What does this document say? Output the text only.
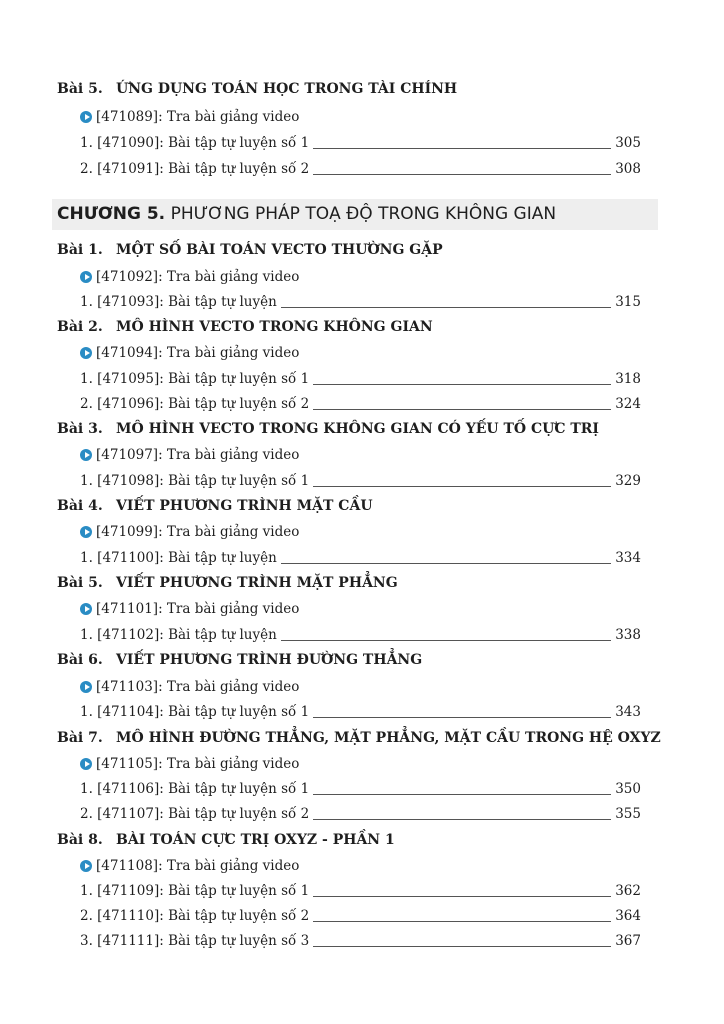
Bài 5. ỨNG DỤNG TOÁN HỌC TRONG TÀI CHÍNH
[471089]: Tra bài giảng video
1. [471090]: Bài tập tự luyện số 1	305
2. [471091]: Bài tập tự luyện số 2	308
CHƯƠNG 5. PHƯƠNG PHÁP TOẠ ĐỘ TRONG KHÔNG GIAN
Bài 1. MỘT SỐ BÀI TOÁN VECTO THƯỜNG GẶP
[471092]: Tra bài giảng video
1. [471093]: Bài tập tự luyện	315
Bài 2. MÔ HÌNH VECTO TRONG KHÔNG GIAN
[471094]: Tra bài giảng video
1. [471095]: Bài tập tự luyện số 1	318
2. [471096]: Bài tập tự luyện số 2	324
Bài 3. MÔ HÌNH VECTO TRONG KHÔNG GIAN CÓ YẾU TỐ CỰC TRỊ
[471097]: Tra bài giảng video
1. [471098]: Bài tập tự luyện số 1	329
Bài 4. VIẾT PHƯƠNG TRÌNH MẶT CẦU
[471099]: Tra bài giảng video
1. [471100]: Bài tập tự luyện	334
Bài 5. VIẾT PHƯƠNG TRÌNH MẶT PHẲNG
[471101]: Tra bài giảng video
1. [471102]: Bài tập tự luyện	338
Bài 6. VIẾT PHƯƠNG TRÌNH ĐƯỜNG THẲNG
[471103]: Tra bài giảng video
1. [471104]: Bài tập tự luyện số 1	343
Bài 7. MÔ HÌNH ĐƯỜNG THẲNG, MẶT PHẲNG, MẶT CẦU TRONG HỆ OXYZ
[471105]: Tra bài giảng video
1. [471106]: Bài tập tự luyện số 1	350
2. [471107]: Bài tập tự luyện số 2	355
Bài 8. BÀI TOÁN CỰC TRỊ OXYZ - PHẦN 1
[471108]: Tra bài giảng video
1. [471109]: Bài tập tự luyện số 1	362
2. [471110]: Bài tập tự luyện số 2	364
3. [471111]: Bài tập tự luyện số 3	367
